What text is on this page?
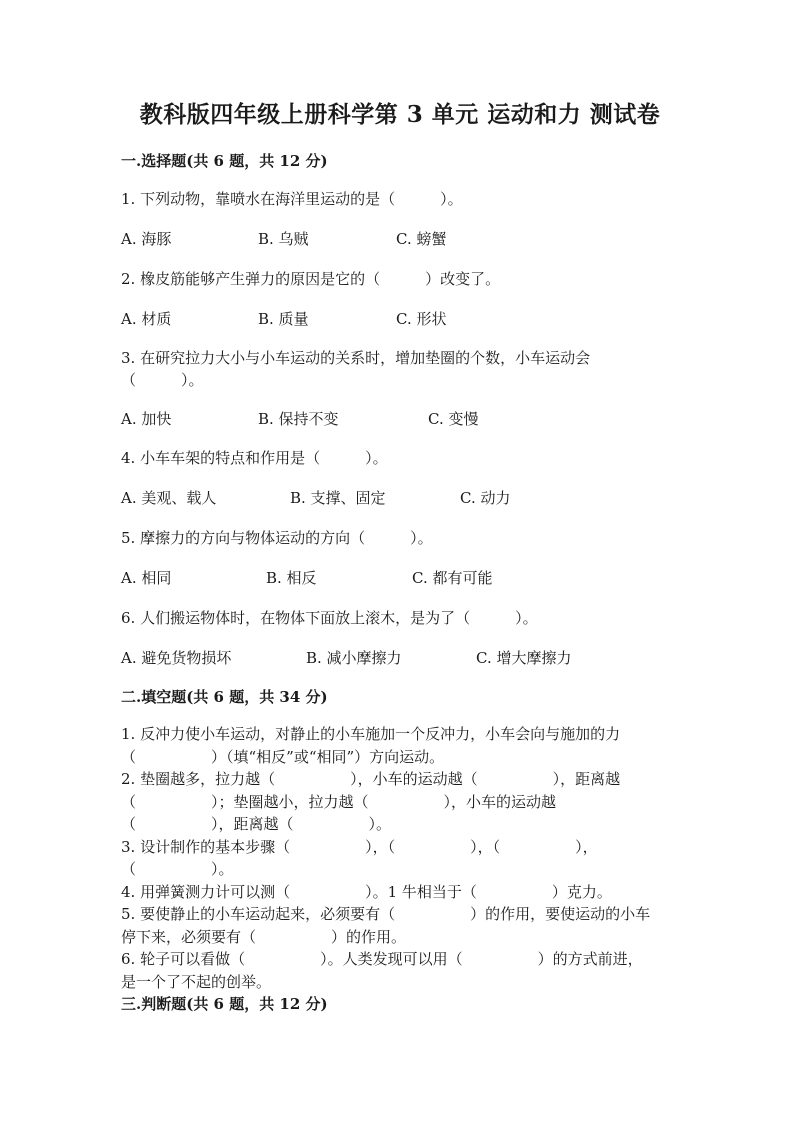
教科版四年级上册科学第 3 单元 运动和力 测试卷
一.选择题(共 6 题，共 12 分)
1. 下列动物，靠喷水在海洋里运动的是（　　　）。
A. 海豚	B. 乌贼	C. 螃蟹
2. 橡皮筋能够产生弹力的原因是它的（　　　）改变了。
A. 材质	B. 质量	C. 形状
3. 在研究拉力大小与小车运动的关系时，增加垫圈的个数，小车运动会
（　　　）。
A. 加快	B. 保持不变	C. 变慢
4. 小车车架的特点和作用是（　　　）。
A. 美观、载人	B. 支撑、固定	C. 动力
5. 摩擦力的方向与物体运动的方向（　　　）。
A. 相同	B. 相反	C. 都有可能
6. 人们搬运物体时，在物体下面放上滚木，是为了（　　　）。
A. 避免货物损坏	B. 减小摩擦力	C. 增大摩擦力
二.填空题(共 6 题，共 34 分)
1. 反冲力使小车运动，对静止的小车施加一个反冲力，小车会向与施加的力
（　　　　　）（填“相反”或“相同”）方向运动。
2. 垫圈越多，拉力越（　　　　　），小车的运动越（　　　　　），距离越
（　　　　　）；垫圈越小，拉力越（　　　　　），小车的运动越
（　　　　　），距离越（　　　　　）。
3. 设计制作的基本步骤（　　　　　），（　　　　　），（　　　　　），
（　　　　　）。
4. 用弹簧测力计可以测（　　　　　）。1 牛相当于（　　　　　）克力。
5. 要使静止的小车运动起来，必须要有（　　　　　）的作用，要使运动的小车
停下来，必须要有（　　　　　）的作用。
6. 轮子可以看做（　　　　　）。人类发现可以用（　　　　　）的方式前进，
是一个了不起的创举。
三.判断题(共 6 题，共 12 分)
